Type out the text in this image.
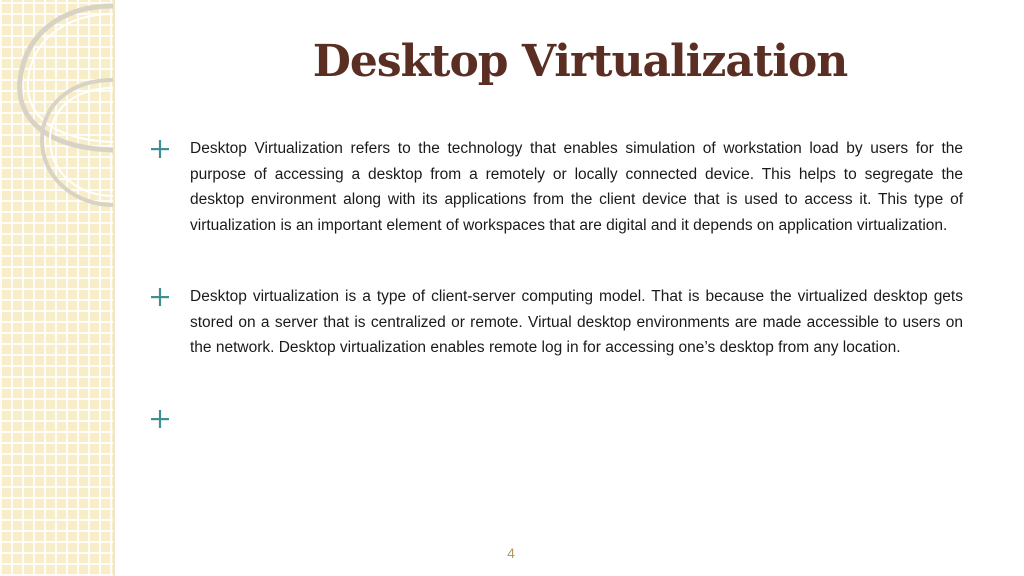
Desktop Virtualization
Desktop Virtualization refers to the technology that enables simulation of workstation load by users for the purpose of accessing a desktop from a remotely or locally connected device. This helps to segregate the desktop environment along with its applications from the client device that is used to access it. This type of virtualization is an important element of workspaces that are digital and it depends on application virtualization.
Desktop virtualization is a type of client-server computing model. That is because the virtualized desktop gets stored on a server that is centralized or remote. Virtual desktop environments are made accessible to users on the network. Desktop virtualization enables remote log in for accessing one’s desktop from any location.
4
